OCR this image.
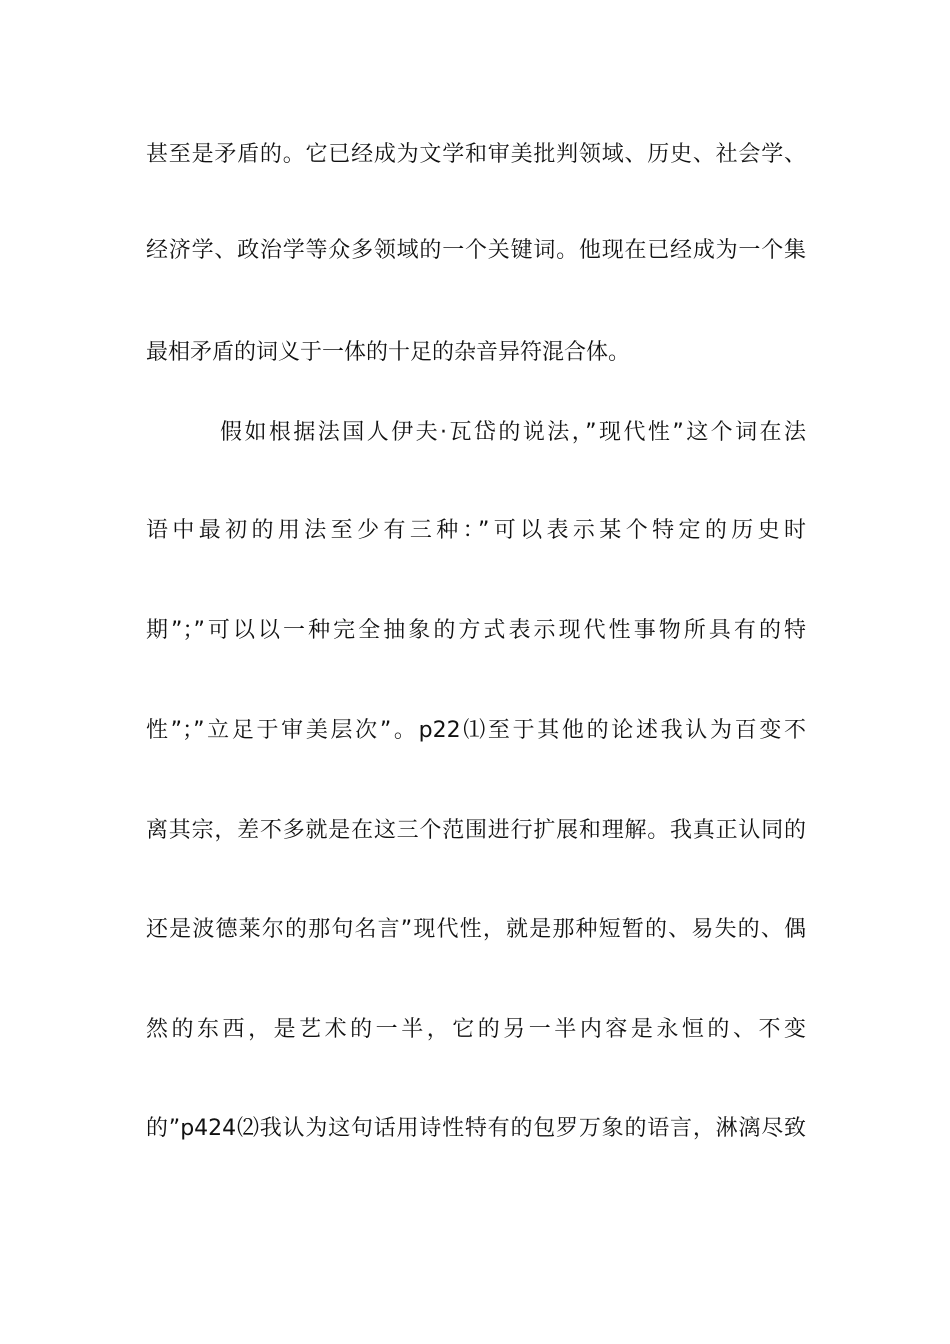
甚至是矛盾的。它已经成为文学和审美批判领域、历史、社会学、
经济学、政治学等众多领域的一个关键词。他现在已经成为一个集
最相矛盾的词义于一体的十足的杂音异符混合体。
假如根据法国人伊夫·瓦岱的说法，”现代性”这个词在法
语中最初的用法至少有三种：”可以表示某个特定的历史时
期”；”可以以一种完全抽象的方式表示现代性事物所具有的特
性”；”立足于审美层次”。p22⑴至于其他的论述我认为百变不
离其宗，差不多就是在这三个范围进行扩展和理解。我真正认同的
还是波德莱尔的那句名言”现代性，就是那种短暂的、易失的、偶
然的东西，是艺术的一半，它的另一半内容是永恒的、不变
的”p424⑵我认为这句话用诗性特有的包罗万象的语言，淋漓尽致
